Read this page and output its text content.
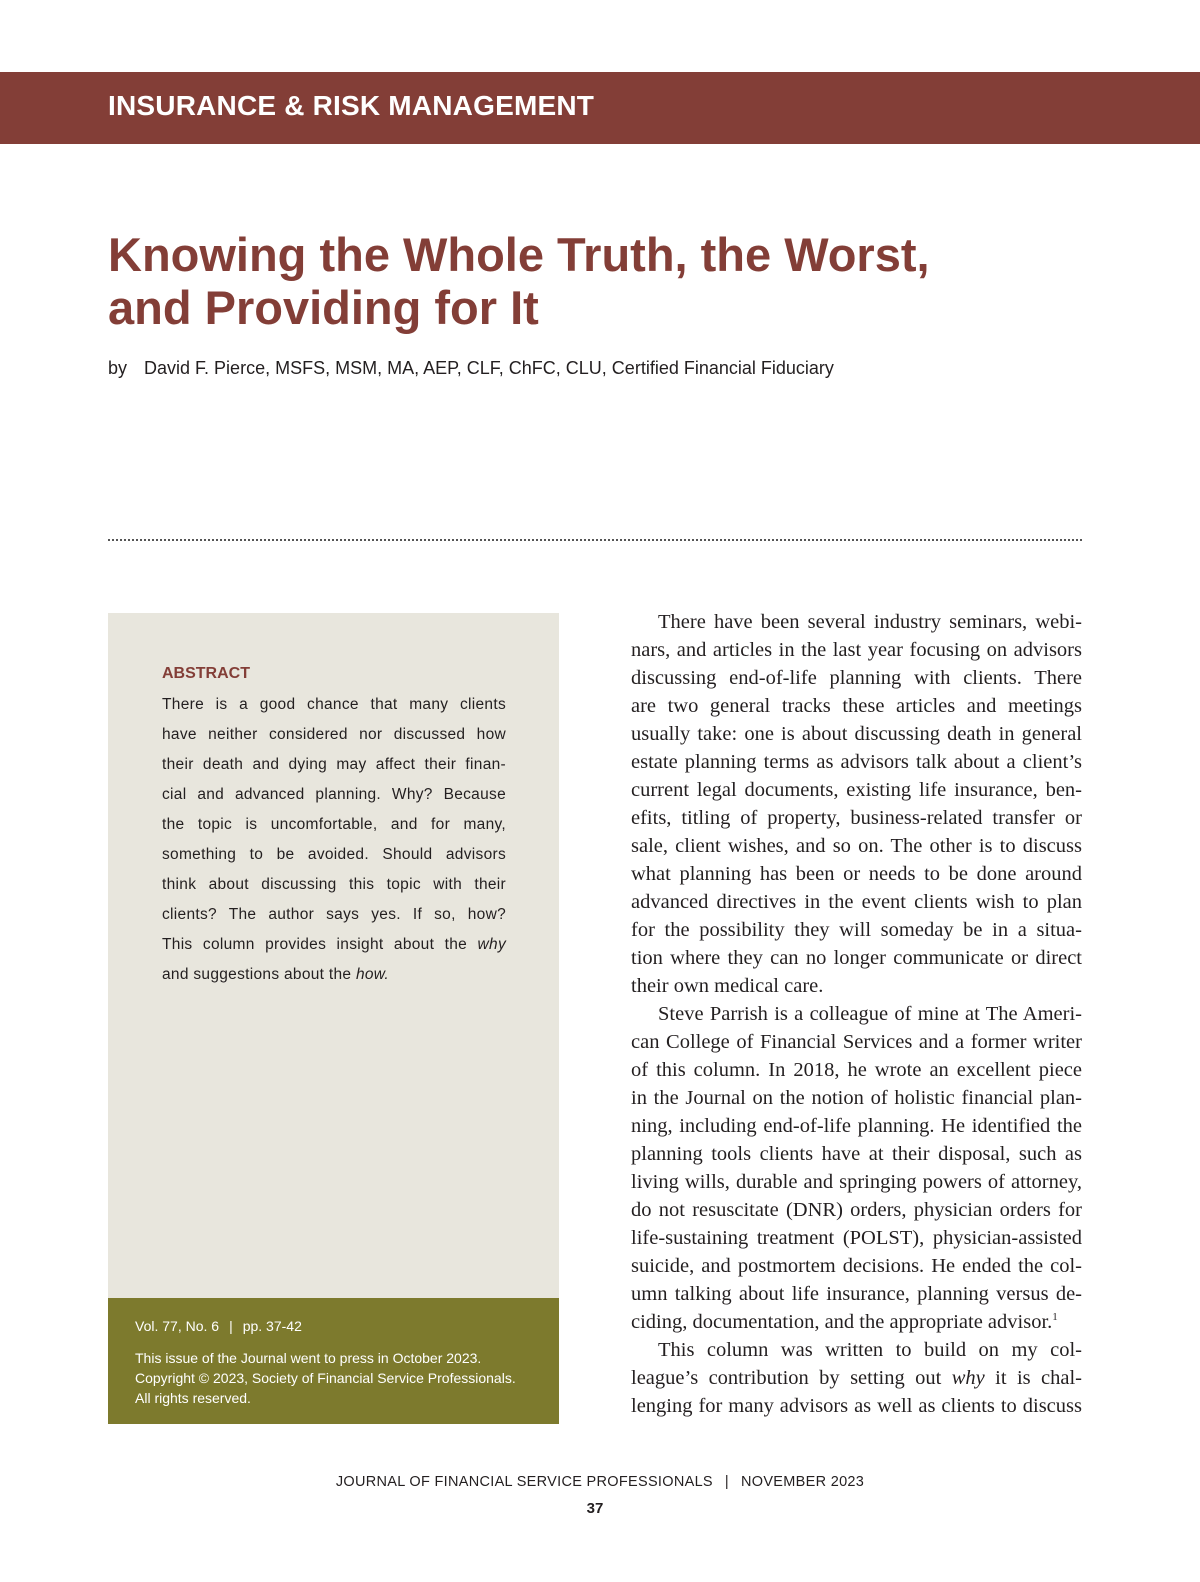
INSURANCE & RISK MANAGEMENT
Knowing the Whole Truth, the Worst,
and Providing for It
by David F. Pierce, MSFS, MSM, MA, AEP, CLF, ChFC, CLU, Certified Financial Fiduciary
ABSTRACT
There is a good chance that many clients
have neither considered nor discussed how
their death and dying may affect their finan-
cial and advanced planning. Why? Because
the topic is uncomfortable, and for many,
something to be avoided. Should advisors
think about discussing this topic with their
clients? The author says yes. If so, how?
This column provides insight about the why
and suggestions about the how.
Vol. 77, No. 6 | pp. 37-42
This issue of the Journal went to press in October 2023.
Copyright © 2023, Society of Financial Service Professionals.
All rights reserved.
There have been several industry seminars, webi-
nars, and articles in the last year focusing on advisors
discussing end-of-life planning with clients. There
are two general tracks these articles and meetings
usually take: one is about discussing death in general
estate planning terms as advisors talk about a client’s
current legal documents, existing life insurance, ben-
efits, titling of property, business-related transfer or
sale, client wishes, and so on. The other is to discuss
what planning has been or needs to be done around
advanced directives in the event clients wish to plan
for the possibility they will someday be in a situa-
tion where they can no longer communicate or direct
their own medical care.
Steve Parrish is a colleague of mine at The Ameri-
can College of Financial Services and a former writer
of this column. In 2018, he wrote an excellent piece
in the Journal on the notion of holistic financial plan-
ning, including end-of-life planning. He identified the
planning tools clients have at their disposal, such as
living wills, durable and springing powers of attorney,
do not resuscitate (DNR) orders, physician orders for
life-sustaining treatment (POLST), physician-assisted
suicide, and postmortem decisions. He ended the col-
umn talking about life insurance, planning versus de-
ciding, documentation, and the appropriate advisor.$^1$
This column was written to build on my col-
league’s contribution by setting out why it is chal-
lenging for many advisors as well as clients to discuss
JOURNAL OF FINANCIAL SERVICE PROFESSIONALS | NOVEMBER 2023
37
